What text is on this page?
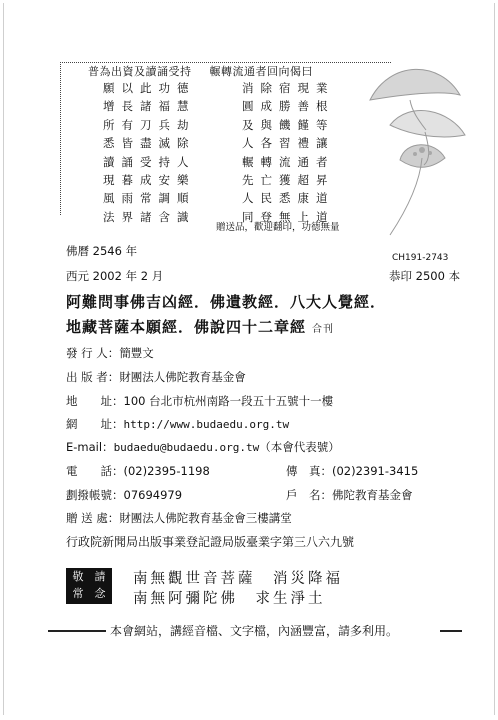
普為出資及讀誦受持 輾轉流通者回向偈曰
願以此功德
增長諸福慧
所有刀兵劫
悉皆盡滅除
讀誦受持人
現暮成安樂
風雨常調順
法界諸含識
消除宿現業
圓成勝善根
及與饑饉等
人各習禮讓
輾轉流通者
先亡獲超昇
人民悉康道
同登無上道
贈送品，歡迎翻印，功德無量
佛曆 2546 年	CH191-2743
西元 2002 年 2 月	恭印 2500 本
阿難問事佛吉凶經．佛遺教經．八大人覺經．
地藏菩薩本願經．佛說四十二章經 合刊
發 行 人：簡豐文
出 版 者：財團法人佛陀教育基金會
地　　址：100 台北市杭州南路一段五十五號十一樓
網　　址：http://www.budaedu.org.tw
E-mail：budaedu@budaedu.org.tw（本會代表號）
電　　話：(02)2395-1198	傳　真：(02)2391-3415
劃撥帳號：07694979	戶　名：佛陀教育基金會
贈 送 處：財團法人佛陀教育基金會三樓講堂
行政院新聞局出版事業登記證局版臺業字第三八六九號
敬	請
常	念
南無觀世音菩薩　消災降福
南無阿彌陀佛　求生淨土
本會網站，講經音檔、文字檔，內涵豐富，請多利用。
